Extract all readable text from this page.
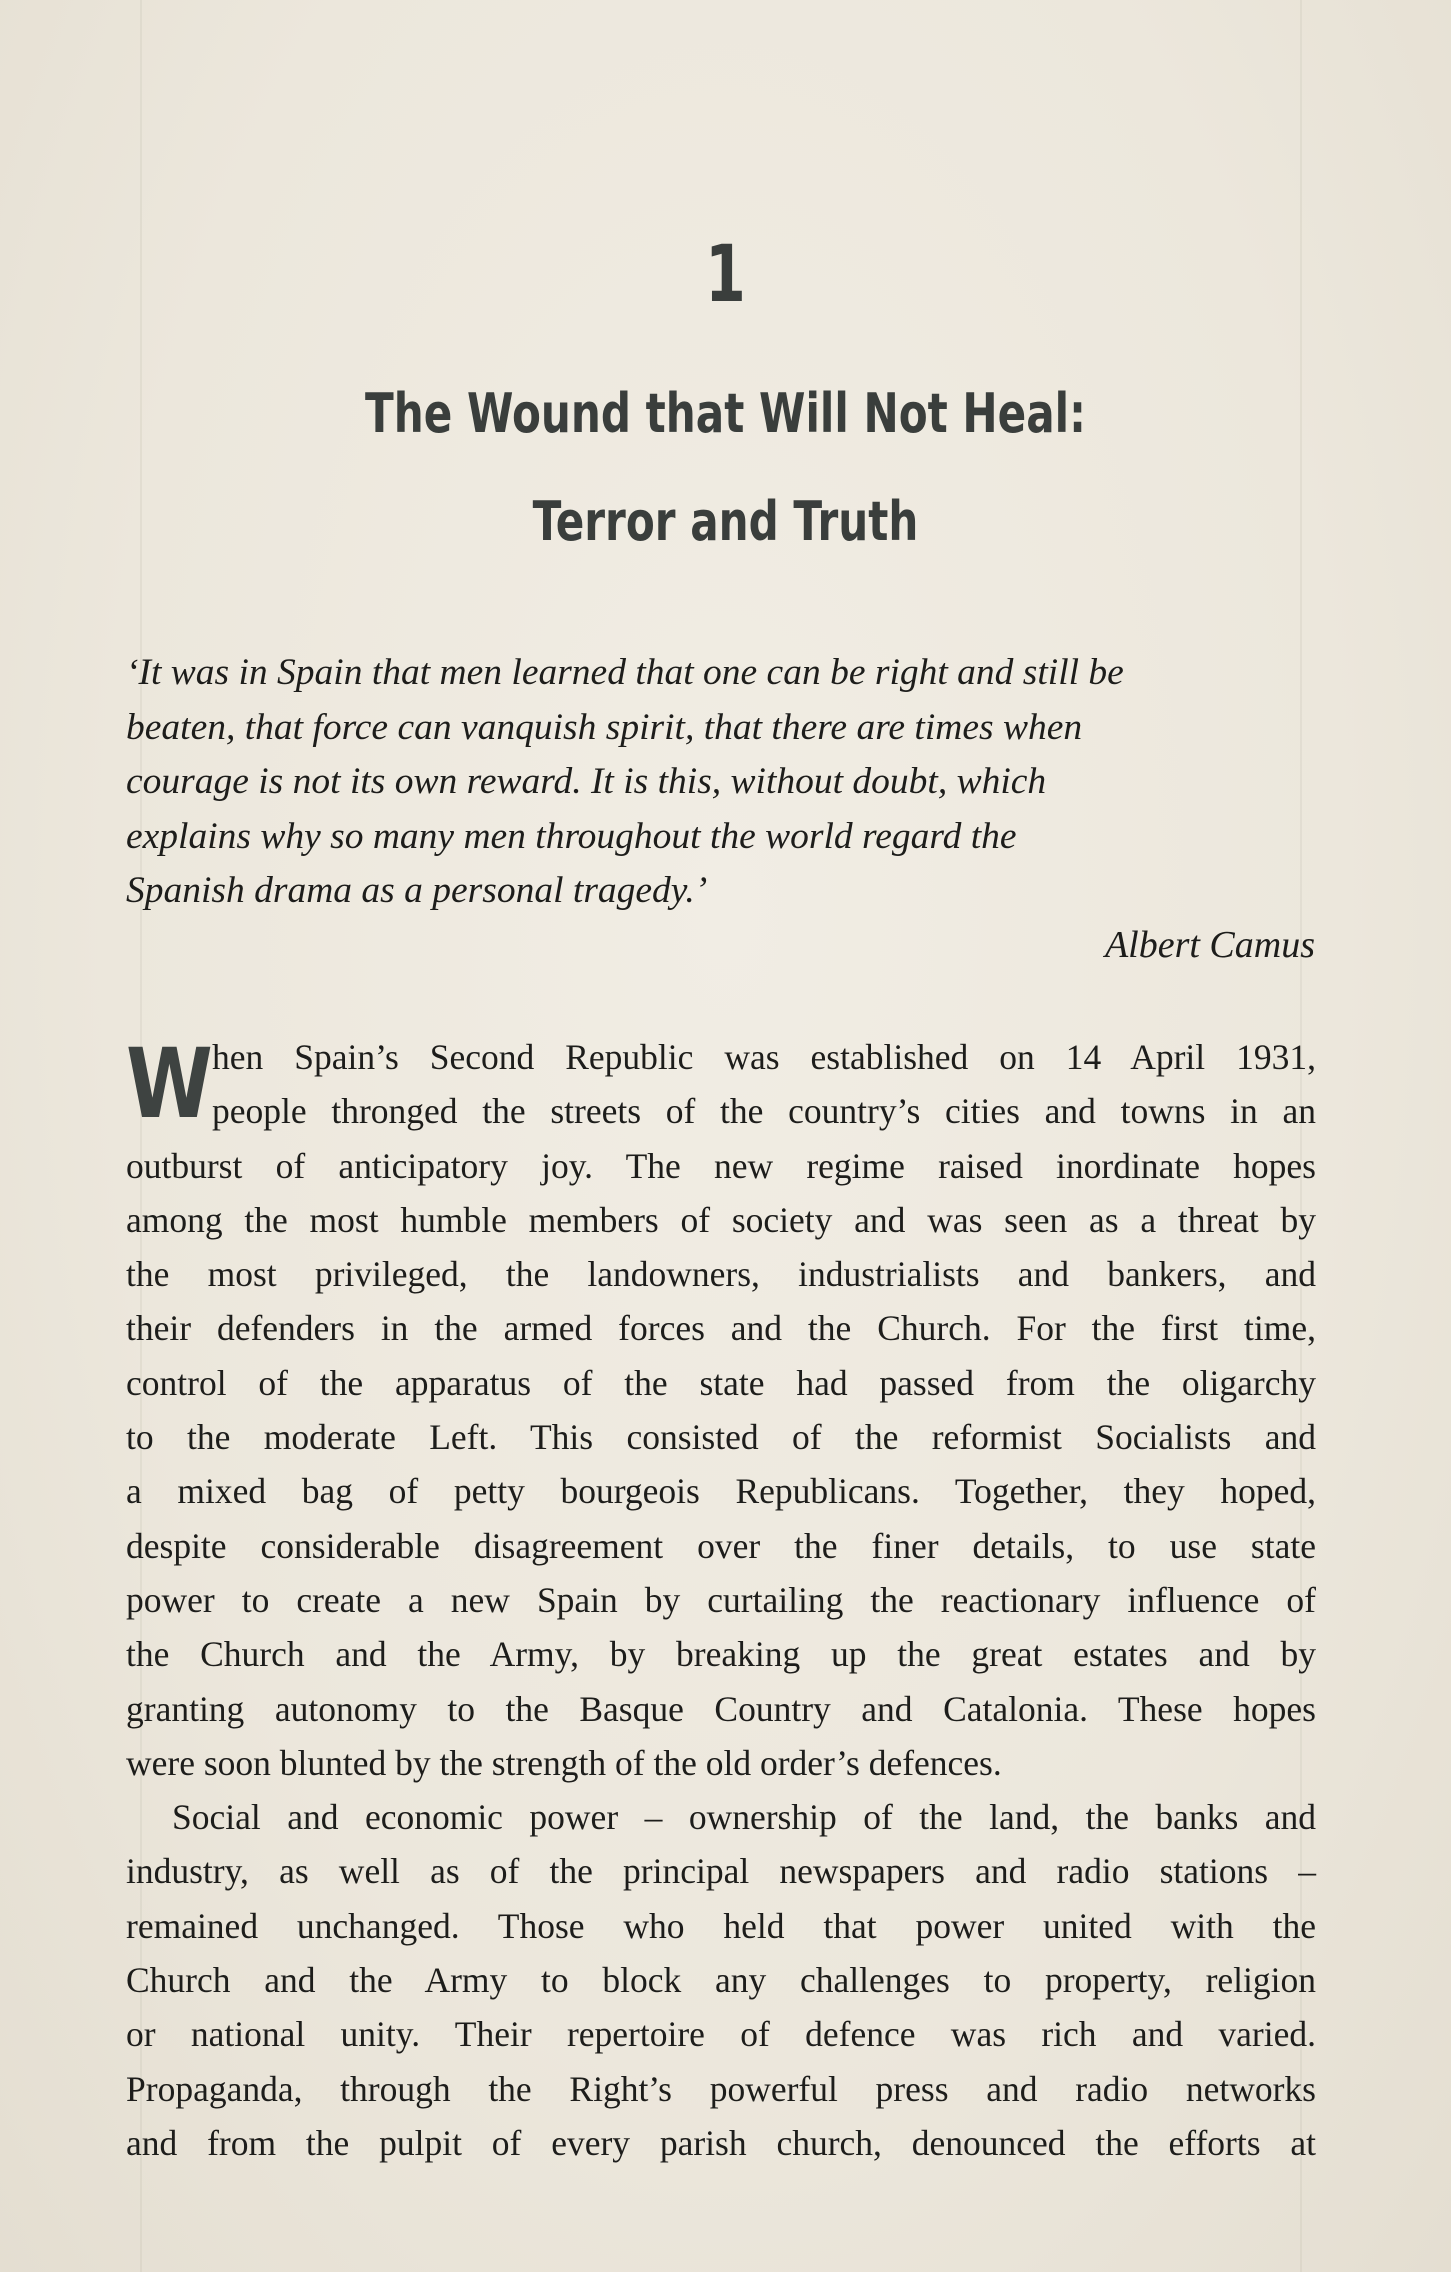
1
The Wound that Will Not Heal:
Terror and Truth
‘It was in Spain that men learned that one can be right and still be
beaten, that force can vanquish spirit, that there are times when
courage is not its own reward. It is this, without doubt, which
explains why so many men throughout the world regard the
Spanish drama as a personal tragedy.’
Albert Camus
W hen Spain’s Second Republic was established on 14 April 1931,
people thronged the streets of the country’s cities and towns in an
outburst of anticipatory joy. The new regime raised inordinate hopes
among the most humble members of society and was seen as a threat by
the most privileged, the landowners, industrialists and bankers, and
their defenders in the armed forces and the Church. For the first time,
control of the apparatus of the state had passed from the oligarchy
to the moderate Left. This consisted of the reformist Socialists and
a mixed bag of petty bourgeois Republicans. Together, they hoped,
despite considerable disagreement over the finer details, to use state
power to create a new Spain by curtailing the reactionary influence of
the Church and the Army, by breaking up the great estates and by
granting autonomy to the Basque Country and Catalonia. These hopes
were soon blunted by the strength of the old order’s defences.
Social and economic power – ownership of the land, the banks and
industry, as well as of the principal newspapers and radio stations –
remained unchanged. Those who held that power united with the
Church and the Army to block any challenges to property, religion
or national unity. Their repertoire of defence was rich and varied.
Propaganda, through the Right’s powerful press and radio networks
and from the pulpit of every parish church, denounced the efforts at
